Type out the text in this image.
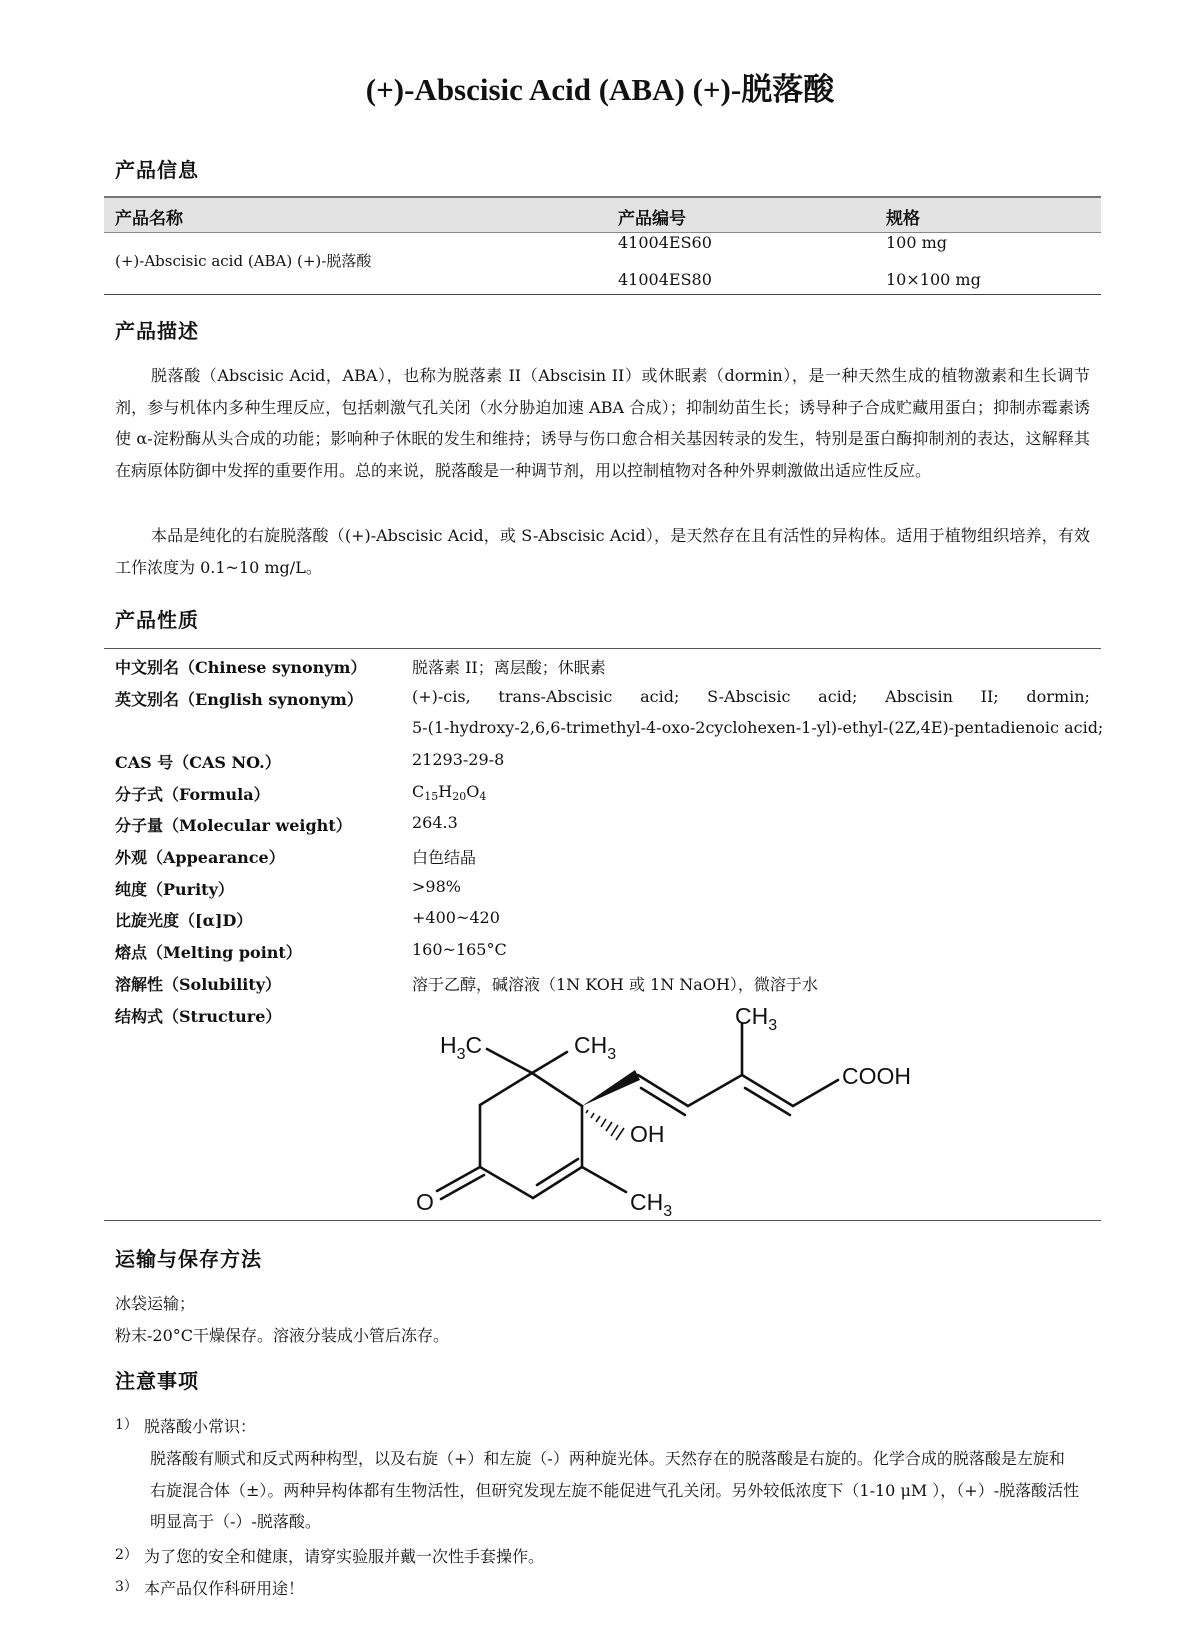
(+)-Abscisic Acid (ABA) (+)-脱落酸
产品信息
产品名称	产品编号	规格
(+)-Abscisic acid (ABA) (+)-脱落酸
41004ES60	100 mg
41004ES80	10×100 mg
产品描述
脱落酸（Abscisic Acid，ABA），也称为脱落素 II（Abscisin II）或休眠素（dormin），是一种天然生成的植物激素和生长调节剂，参与机体内多种生理反应，包括刺激气孔关闭（水分胁迫加速 ABA 合成）；抑制幼苗生长；诱导种子合成贮藏用蛋白；抑制赤霉素诱使 α-淀粉酶从头合成的功能；影响种子休眠的发生和维持；诱导与伤口愈合相关基因转录的发生，特别是蛋白酶抑制剂的表达，这解释其在病原体防御中发挥的重要作用。总的来说，脱落酸是一种调节剂，用以控制植物对各种外界刺激做出适应性反应。
本品是纯化的右旋脱落酸（(+)-Abscisic Acid，或 S-Abscisic Acid），是天然存在且有活性的异构体。适用于植物组织培养，有效工作浓度为 0.1~10 mg/L。
产品性质
中文别名（Chinese synonym）	脱落素 II；离层酸；休眠素
英文别名（English synonym）	(+)-cis, trans-Abscisic acid; S-Abscisic acid; Abscisin II; dormin;
5-(1-hydroxy-2,6,6-trimethyl-4-oxo-2cyclohexen-1-yl)-ethyl-(2Z,4E)-pentadienoic acid;
CAS 号（CAS NO.）	21293-29-8
分子式（Formula）	$C_{15}H_{20}O_4$
分子量（Molecular weight）	264.3
外观（Appearance）	白色结晶
纯度（Purity）	>98%
比旋光度（[α]D）	+400~420
熔点（Melting point）	160~165°C
溶解性（Solubility）	溶于乙醇，碱溶液（1N KOH 或 1N NaOH），微溶于水
结构式（Structure）	$CH_3$
$H_3C$	$CH_3$
COOH
OH
O	$CH_3$
运输与保存方法
冰袋运输；
粉末-20°C干燥保存。溶液分装成小管后冻存。
注意事项
1） 脱落酸小常识：
脱落酸有顺式和反式两种构型，以及右旋（+）和左旋（-）两种旋光体。天然存在的脱落酸是右旋的。化学合成的脱落酸是左旋和右旋混合体（±）。两种异构体都有生物活性，但研究发现左旋不能促进气孔关闭。另外较低浓度下（1-10 μM ），（+）-脱落酸活性明显高于（-）-脱落酸。
2） 为了您的安全和健康，请穿实验服并戴一次性手套操作。
3） 本产品仅作科研用途！
